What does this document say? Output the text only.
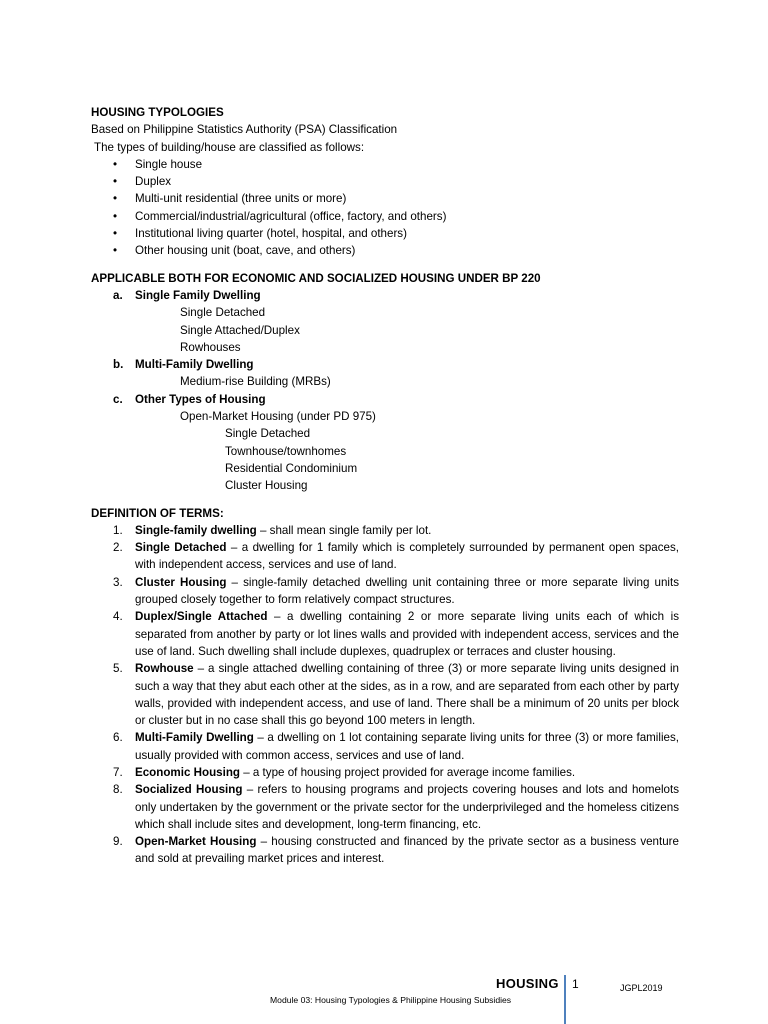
HOUSING TYPOLOGIES
Based on Philippine Statistics Authority (PSA) Classification
The types of building/house are classified as follows:
• Single house
• Duplex
• Multi-unit residential (three units or more)
• Commercial/industrial/agricultural (office, factory, and others)
• Institutional living quarter (hotel, hospital, and others)
• Other housing unit (boat, cave, and others)
APPLICABLE BOTH FOR ECONOMIC AND SOCIALIZED HOUSING UNDER BP 220
a. Single Family Dwelling
Single Detached
Single Attached/Duplex
Rowhouses
b. Multi-Family Dwelling
Medium-rise Building (MRBs)
c. Other Types of Housing
Open-Market Housing (under PD 975)
Single Detached
Townhouse/townhomes
Residential Condominium
Cluster Housing
DEFINITION OF TERMS:
1. Single-family dwelling – shall mean single family per lot.
2. Single Detached – a dwelling for 1 family which is completely surrounded by permanent open spaces, with independent access, services and use of land.
3. Cluster Housing – single-family detached dwelling unit containing three or more separate living units grouped closely together to form relatively compact structures.
4. Duplex/Single Attached – a dwelling containing 2 or more separate living units each of which is separated from another by party or lot lines walls and provided with independent access, services and the use of land. Such dwelling shall include duplexes, quadruplex or terraces and cluster housing.
5. Rowhouse – a single attached dwelling containing of three (3) or more separate living units designed in such a way that they abut each other at the sides, as in a row, and are separated from each other by party walls, provided with independent access, and use of land. There shall be a minimum of 20 units per block or cluster but in no case shall this go beyond 100 meters in length.
6. Multi-Family Dwelling – a dwelling on 1 lot containing separate living units for three (3) or more families, usually provided with common access, services and use of land.
7. Economic Housing – a type of housing project provided for average income families.
8. Socialized Housing – refers to housing programs and projects covering houses and lots and homelots only undertaken by the government or the private sector for the underprivileged and the homeless citizens which shall include sites and development, long-term financing, etc.
9. Open-Market Housing – housing constructed and financed by the private sector as a business venture and sold at prevailing market prices and interest.
HOUSING 1	JGPL2019
Module 03: Housing Typologies & Philippine Housing Subsidies
